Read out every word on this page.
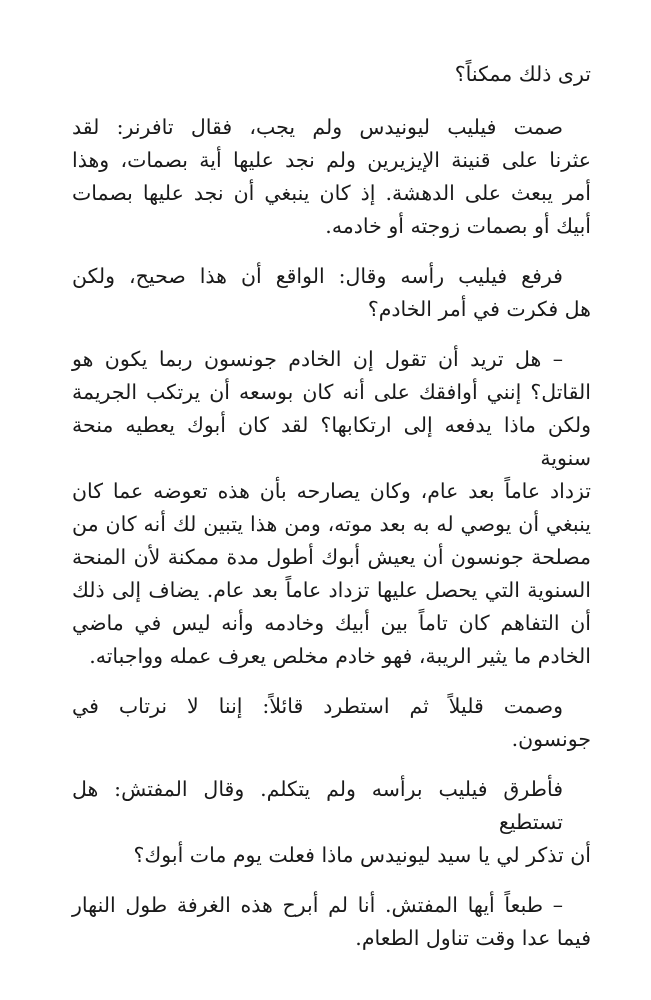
ترى ذلك ممكناً؟

صمت فيليب ليونيدس ولم يجب، فقال تافرنر: لقد
عثرنا على قنينة الإيزيرين ولم نجد عليها أية بصمات، وهذا
أمر يبعث على الدهشة. إذ كان ينبغي أن نجد عليها بصمات
أبيك أو بصمات زوجته أو خادمه.

فرفع فيليب رأسه وقال: الواقع أن هذا صحيح، ولكن
هل فكرت في أمر الخادم؟

– هل تريد أن تقول إن الخادم جونسون ربما يكون هو
القاتل؟ إنني أوافقك على أنه كان بوسعه أن يرتكب الجريمة
ولكن ماذا يدفعه إلى ارتكابها؟ لقد كان أبوك يعطيه منحة سنوية
تزداد عاماً بعد عام، وكان يصارحه بأن هذه تعوضه عما كان
ينبغي أن يوصي له به بعد موته، ومن هذا يتبين لك أنه كان من
مصلحة جونسون أن يعيش أبوك أطول مدة ممكنة لأن المنحة
السنوية التي يحصل عليها تزداد عاماً بعد عام. يضاف إلى ذلك
أن التفاهم كان تاماً بين أبيك وخادمه وأنه ليس في ماضي
الخادم ما يثير الريبة، فهو خادم مخلص يعرف عمله وواجباته.

وصمت قليلاً ثم استطرد قائلاً: إننا لا نرتاب في
جونسون.

فأطرق فيليب برأسه ولم يتكلم. وقال المفتش: هل تستطيع
أن تذكر لي يا سيد ليونيدس ماذا فعلت يوم مات أبوك؟

– طبعاً أيها المفتش. أنا لم أبرح هذه الغرفة طول النهار
فيما عدا وقت تناول الطعام.
